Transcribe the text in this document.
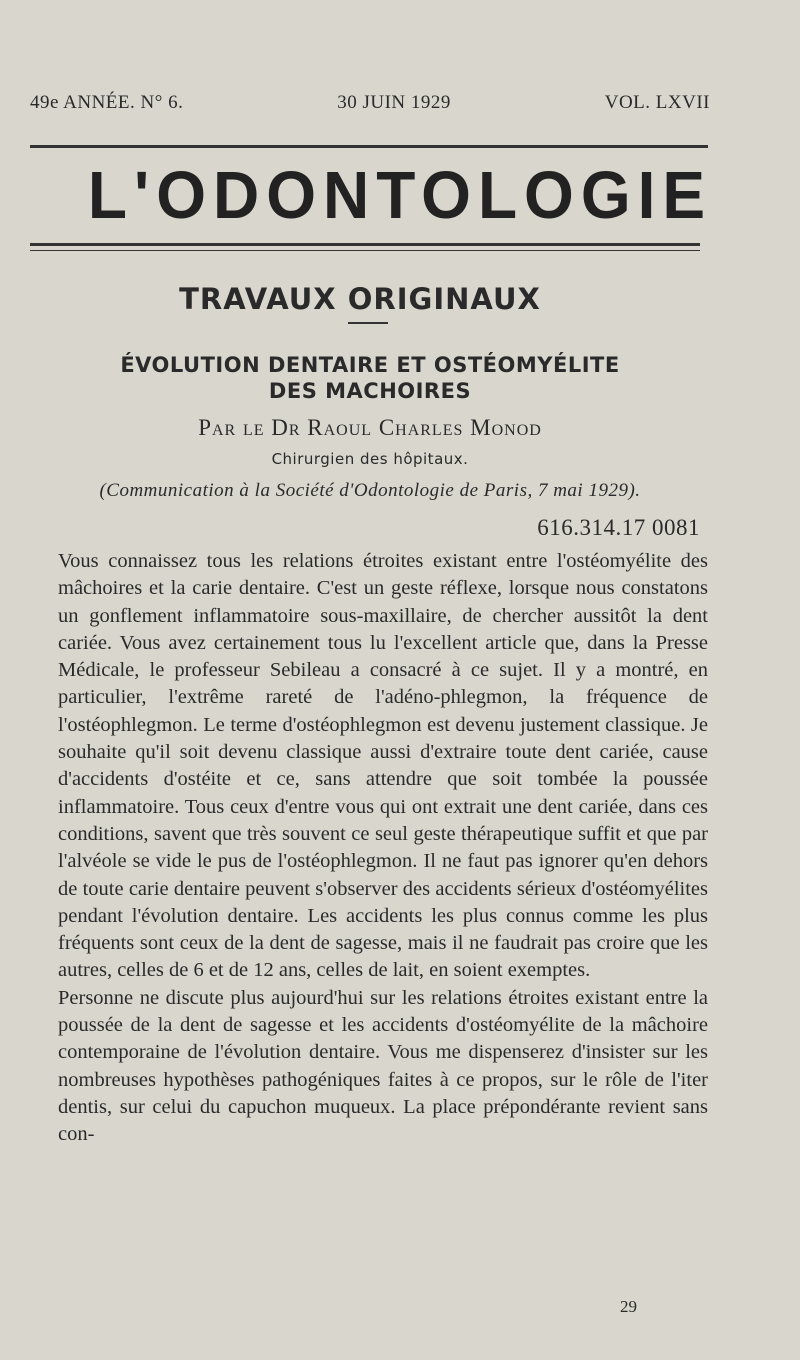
49e ANNÉE. N° 6.	30 JUIN 1929	VOL. LXVII
L'ODONTOLOGIE
TRAVAUX ORIGINAUX
ÉVOLUTION DENTAIRE ET OSTÉOMYÉLITE
DES MACHOIRES
Par le Dr Raoul Charles Monod
Chirurgien des hôpitaux.
(Communication à la Société d'Odontologie de Paris, 7 mai 1929).
616.314.17 0081

Vous connaissez tous les relations étroites existant entre l'ostéomyélite des mâchoires et la carie dentaire. C'est un geste réflexe, lorsque nous constatons un gonflement inflammatoire sous-maxillaire, de chercher aussitôt la dent cariée. Vous avez certainement tous lu l'excellent article que, dans la Presse Médicale, le professeur Sebileau a consacré à ce sujet. Il y a montré, en particulier, l'extrême rareté de l'adéno-phlegmon, la fréquence de l'ostéophlegmon. Le terme d'ostéophlegmon est devenu justement classique. Je souhaite qu'il soit devenu classique aussi d'extraire toute dent cariée, cause d'accidents d'ostéite et ce, sans attendre que soit tombée la poussée inflammatoire. Tous ceux d'entre vous qui ont extrait une dent cariée, dans ces conditions, savent que très souvent ce seul geste thérapeutique suffit et que par l'alvéole se vide le pus de l'ostéophlegmon. Il ne faut pas ignorer qu'en dehors de toute carie dentaire peuvent s'observer des accidents sérieux d'ostéomyélites pendant l'évolution dentaire. Les accidents les plus connus comme les plus fréquents sont ceux de la dent de sagesse, mais il ne faudrait pas croire que les autres, celles de 6 et de 12 ans, celles de lait, en soient exemptes.

Personne ne discute plus aujourd'hui sur les relations étroites existant entre la poussée de la dent de sagesse et les accidents d'ostéomyélite de la mâchoire contemporaine de l'évolution dentaire. Vous me dispenserez d'insister sur les nombreuses hypothèses pathogéniques faites à ce propos, sur le rôle de l'iter dentis, sur celui du capuchon muqueux. La place prépondérante revient sans con-

29
